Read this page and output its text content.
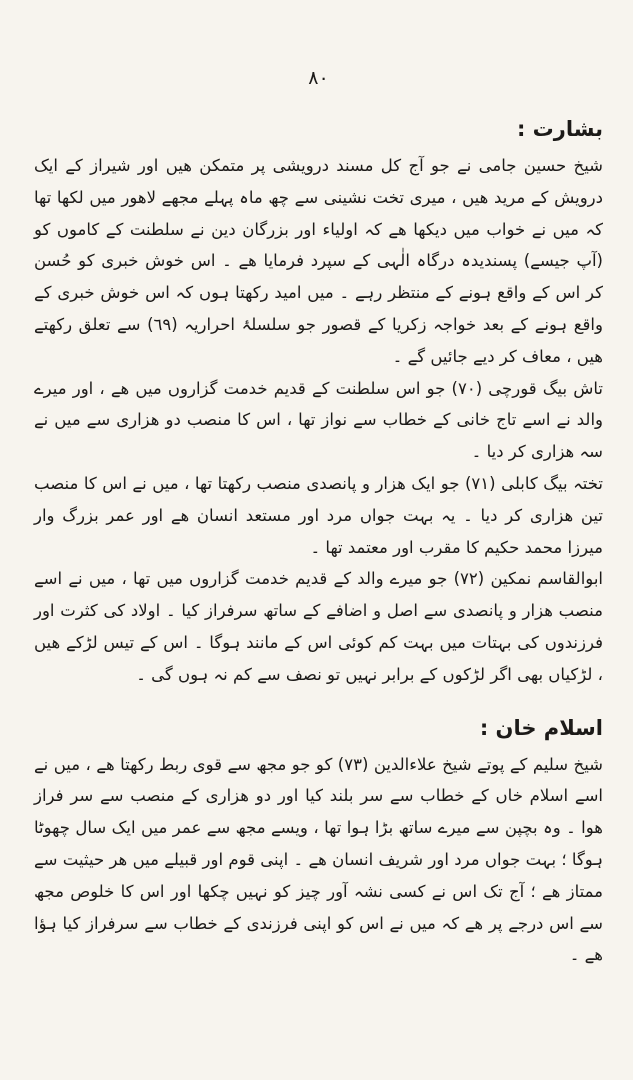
٨٠
بشارت :

شیخ حسین جامی نے جو آج کل مسند درویشی پر متمکن ھیں اور شیراز کے ایک درویش کے مرید ھیں ، میری تخت نشینی سے چھ ماہ پہلے مجھے لاھور میں لکھا تھا کہ میں نے خواب میں دیکھا ھے کہ اولیاء اور بزرگان دین نے سلطنت کے کاموں کو (آپ جیسے) پسندیدہ درگاہ الٰہی کے سپرد فرمایا ھے ۔ اس خوش خبری کو حُسن کر اس کے واقع ہونے کے منتظر رہے ۔ میں امید رکھتا ہوں کہ اس خوش خبری کے واقع ہونے کے بعد خواجہ زکریا کے قصور جو سلسلۂ احراریہ (٦٩) سے تعلق رکھتے ھیں ، معاف کر دیے جائیں گے ۔

تاش بیگ قورچی (٧٠) جو اس سلطنت کے قدیم خدمت گزاروں میں ھے ، اور میرے والد نے اسے تاج خانی کے خطاب سے نواز تھا ، اس کا منصب دو ھزاری سے میں نے سہ ھزاری کر دیا ۔

تختہ بیگ کابلی (٧١) جو ایک ھزار و پانصدی منصب رکھتا تھا ، میں نے اس کا منصب تین ھزاری کر دیا ۔ یہ بہت جواں مرد اور مستعد انسان ھے اور عمر بزرگ وار میرزا محمد حکیم کا مقرب اور معتمد تھا ۔

ابوالقاسم نمکین (٧٢) جو میرے والد کے قدیم خدمت گزاروں میں تھا ، میں نے اسے منصب ھزار و پانصدی سے اصل و اضافے کے ساتھ سرفراز کیا ۔ اولاد کی کثرت اور فرزندوں کی بہتات میں بہت کم کوئی اس کے مانند ہوگا ۔ اس کے تیس لڑکے ھیں ، لڑکیاں بھی اگر لڑکوں کے برابر نہیں تو نصف سے کم نہ ہوں گی ۔

اسلام خان :

شیخ سلیم کے پوتے شیخ علاءالدین (٧٣) کو جو مجھ سے قوی ربط رکھتا ھے ، میں نے اسے اسلام خاں کے خطاب سے سر بلند کیا اور دو ھزاری کے منصب سے سر فراز ھوا ۔ وہ بچپن سے میرے ساتھ بڑا ہوا تھا ، ویسے مجھ سے عمر میں ایک سال چھوٹا ہوگا ؛ بہت جواں مرد اور شریف انسان ھے ۔ اپنی قوم اور قبیلے میں ھر حیثیت سے ممتاز ھے ؛ آج تک اس نے کسی نشہ آور چیز کو نہیں چکھا اور اس کا خلوص مجھ سے اس درجے پر ھے کہ میں نے اس کو اپنی فرزندی کے خطاب سے سرفراز کیا ہؤا ھے ۔
